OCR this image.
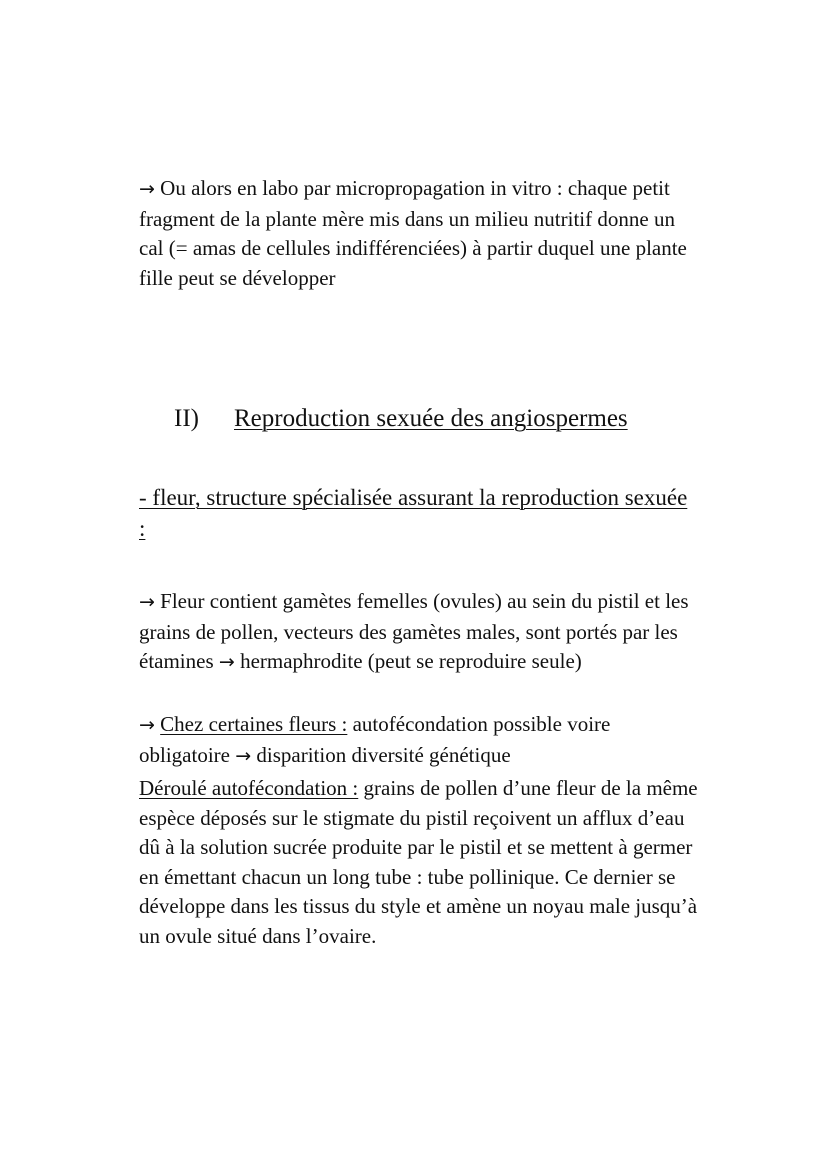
→ Ou alors en labo par micropropagation in vitro : chaque petit fragment de la plante mère mis dans un milieu nutritif donne un cal (= amas de cellules indifférenciées) à partir duquel une plante fille peut se développer

II) Reproduction sexuée des angiospermes
- fleur, structure spécialisée assurant la reproduction sexuée :

→ Fleur contient gamètes femelles (ovules) au sein du pistil et les grains de pollen, vecteurs des gamètes males, sont portés par les étamines → hermaphrodite (peut se reproduire seule)

→ Chez certaines fleurs : autofécondation possible voire obligatoire → disparition diversité génétique

Déroulé autofécondation : grains de pollen d’une fleur de la même espèce déposés sur le stigmate du pistil reçoivent un afflux d’eau dû à la solution sucrée produite par le pistil et se mettent à germer en émettant chacun un long tube : tube pollinique. Ce dernier se développe dans les tissus du style et amène un noyau male jusqu’à un ovule situé dans l’ovaire.
